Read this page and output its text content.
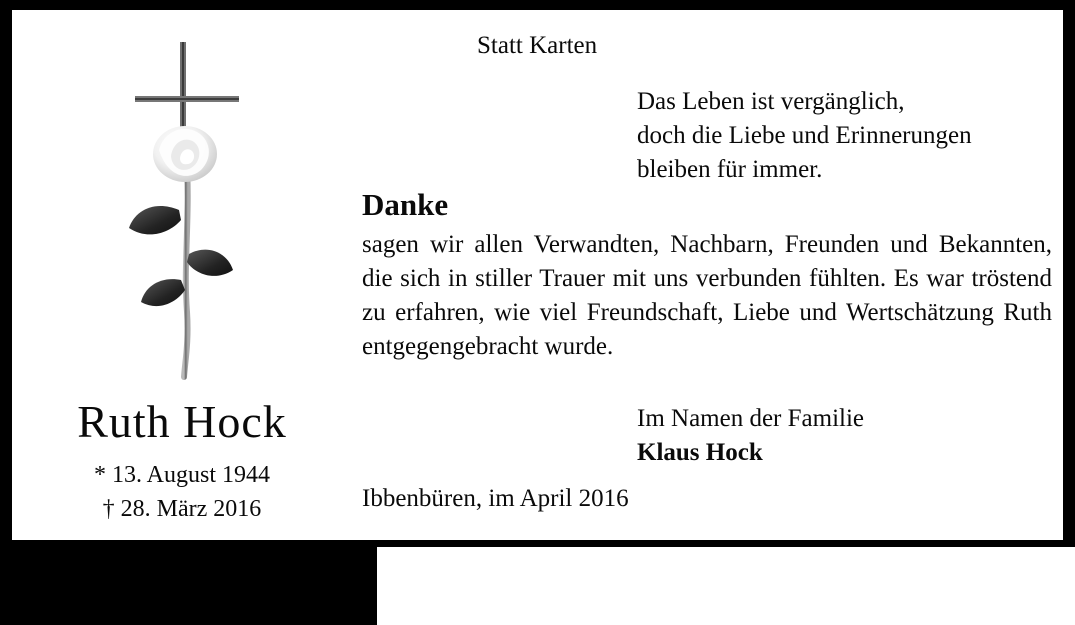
Ruth Hock
* 13. August 1944
† 28. März 2016
Statt Karten
Das Leben ist vergänglich,
doch die Liebe und Erinnerungen
bleiben für immer.
Danke
sagen wir allen Verwandten, Nachbarn, Freunden und Bekannten, die sich in stiller Trauer mit uns verbunden fühlten. Es war tröstend zu erfahren, wie viel Freundschaft, Liebe und Wertschätzung Ruth entgegengebracht wurde.
Im Namen der Familie
Klaus Hock
Ibbenbüren, im April 2016
